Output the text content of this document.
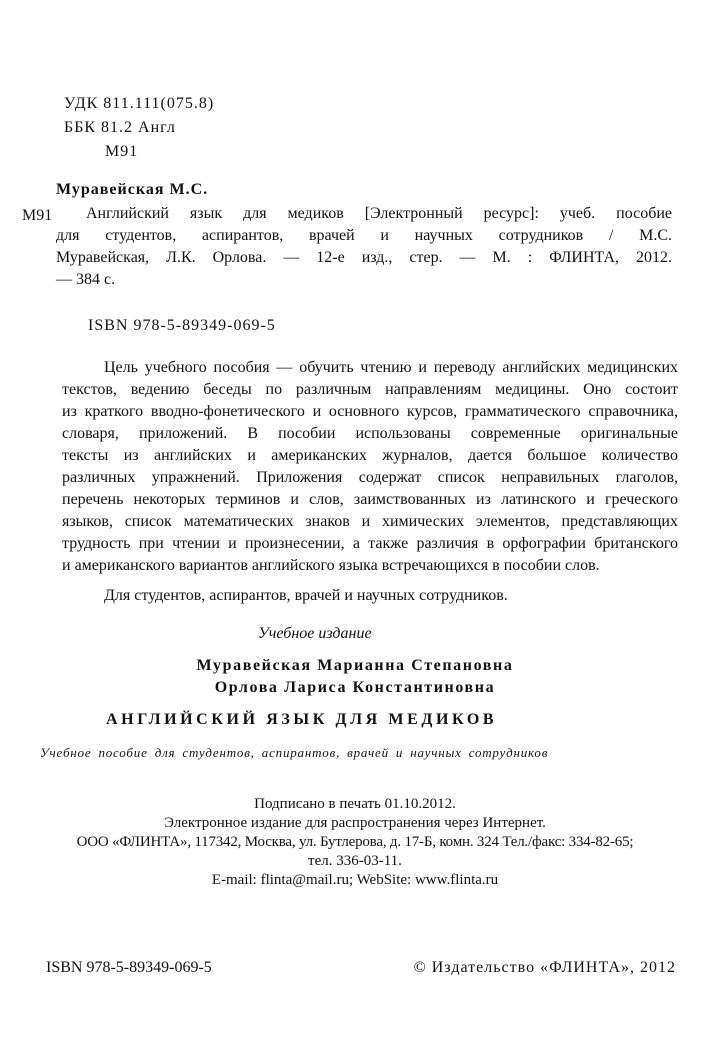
УДК 811.111(075.8)
ББК 81.2 Англ
М91
Муравейская М.С.
М91 Английский язык для медиков [Электронный ресурс]: учеб. пособие
для студентов, аспирантов, врачей и научных сотрудников / М.С.
Муравейская, Л.К. Орлова. — 12-е изд., стер. — М. : ФЛИНТА, 2012.
— 384 с.
ISBN 978-5-89349-069-5
Цель учебного пособия — обучить чтению и переводу английских медицинских
текстов, ведению беседы по различным направлениям медицины. Оно состоит
из краткого вводно-фонетического и основного курсов, грамматического справочника,
словаря, приложений. В пособии использованы современные оригинальные
тексты из английских и американских журналов, дается большое количество
различных упражнений. Приложения содержат список неправильных глаголов,
перечень некоторых терминов и слов, заимствованных из латинского и греческого
языков, список математических знаков и химических элементов, представляющих
трудность при чтении и произнесении, а также различия в орфографии британского
и американского вариантов английского языка встречающихся в пособии слов.
Для студентов, аспирантов, врачей и научных сотрудников.
Учебное издание
Муравейская Марианна Степановна
Орлова Лариса Константиновна
АНГЛИЙСКИЙ ЯЗЫК ДЛЯ МЕДИКОВ
Учебное пособие для студентов, аспирантов, врачей и научных сотрудников
Подписано в печать 01.10.2012.
Электронное издание для распространения через Интернет.
ООО «ФЛИНТА», 117342, Москва, ул. Бутлерова, д. 17-Б, комн. 324 Тел./факс: 334-82-65;
тел. 336-03-11.
E-mail: flinta@mail.ru; WebSite: www.flinta.ru
ISBN 978-5-89349-069-5	© Издательство «ФЛИНТА», 2012
